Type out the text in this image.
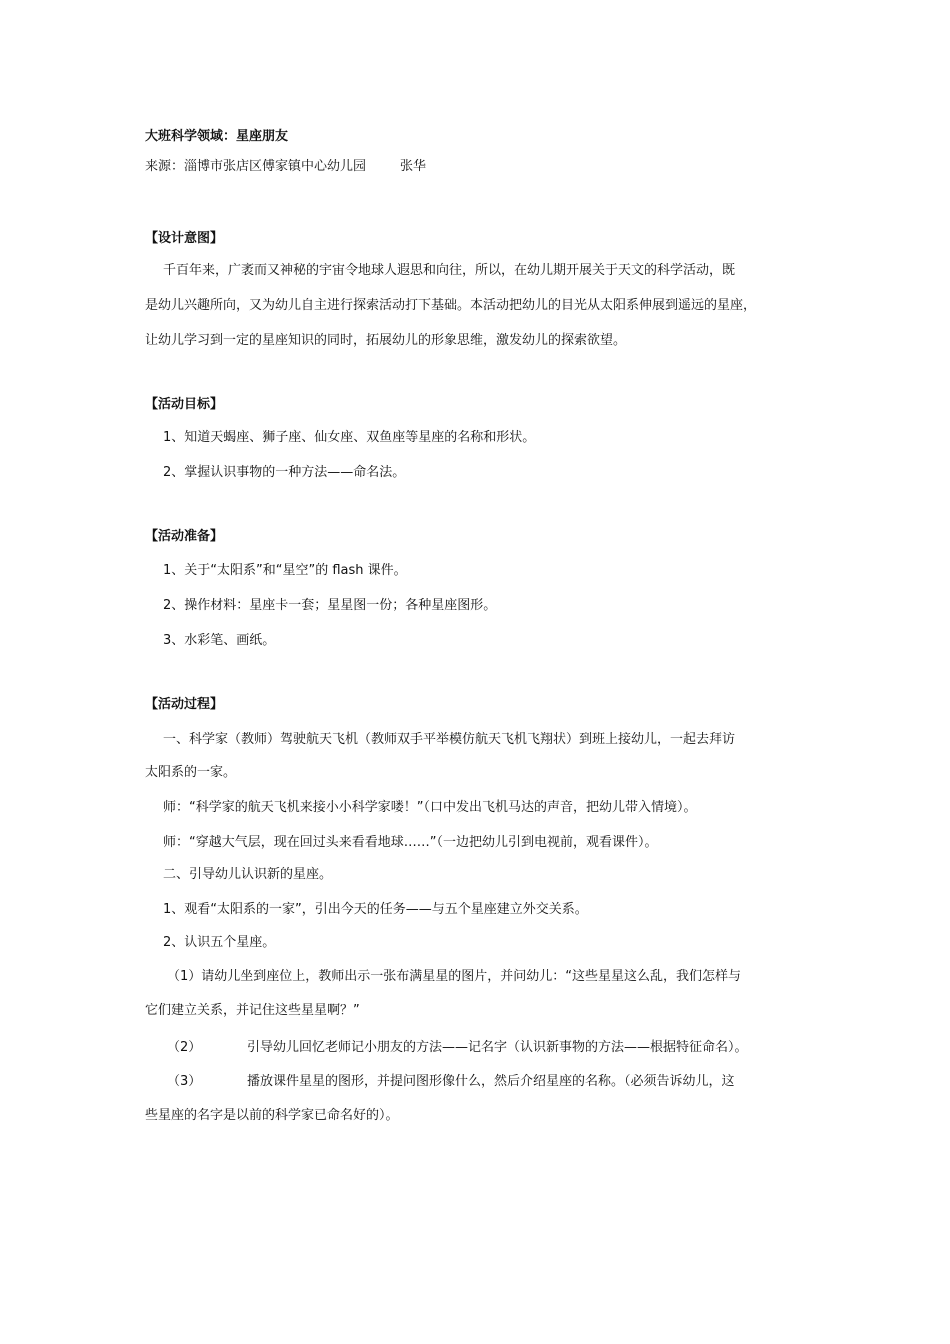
大班科学领域：星座朋友
来源：淄博市张店区傅家镇中心幼儿园	张华
【设计意图】
千百年来，广袤而又神秘的宇宙令地球人遐思和向往，所以，在幼儿期开展关于天文的科学活动，既
是幼儿兴趣所向，又为幼儿自主进行探索活动打下基础。本活动把幼儿的目光从太阳系伸展到遥远的星座，
让幼儿学习到一定的星座知识的同时，拓展幼儿的形象思维，激发幼儿的探索欲望。
【活动目标】
1、知道天蝎座、狮子座、仙女座、双鱼座等星座的名称和形状。
2、掌握认识事物的一种方法——命名法。
【活动准备】
1、关于“太阳系”和“星空”的 flash 课件。
2、操作材料：星座卡一套；星星图一份；各种星座图形。
3、水彩笔、画纸。
【活动过程】
一、科学家（教师）驾驶航天飞机（教师双手平举模仿航天飞机飞翔状）到班上接幼儿，一起去拜访
太阳系的一家。
师：“科学家的航天飞机来接小小科学家喽！”（口中发出飞机马达的声音，把幼儿带入情境）。
师：“穿越大气层，现在回过头来看看地球……”（一边把幼儿引到电视前，观看课件）。
二、引导幼儿认识新的星座。
1、观看“太阳系的一家”，引出今天的任务——与五个星座建立外交关系。
2、认识五个星座。
（1）请幼儿坐到座位上，教师出示一张布满星星的图片，并问幼儿：“这些星星这么乱，我们怎样与
它们建立关系，并记住这些星星啊？”
（2）	引导幼儿回忆老师记小朋友的方法——记名字（认识新事物的方法——根据特征命名）。
（3）	播放课件星星的图形，并提问图形像什么，然后介绍星座的名称。（必须告诉幼儿，这
些星座的名字是以前的科学家已命名好的）。
